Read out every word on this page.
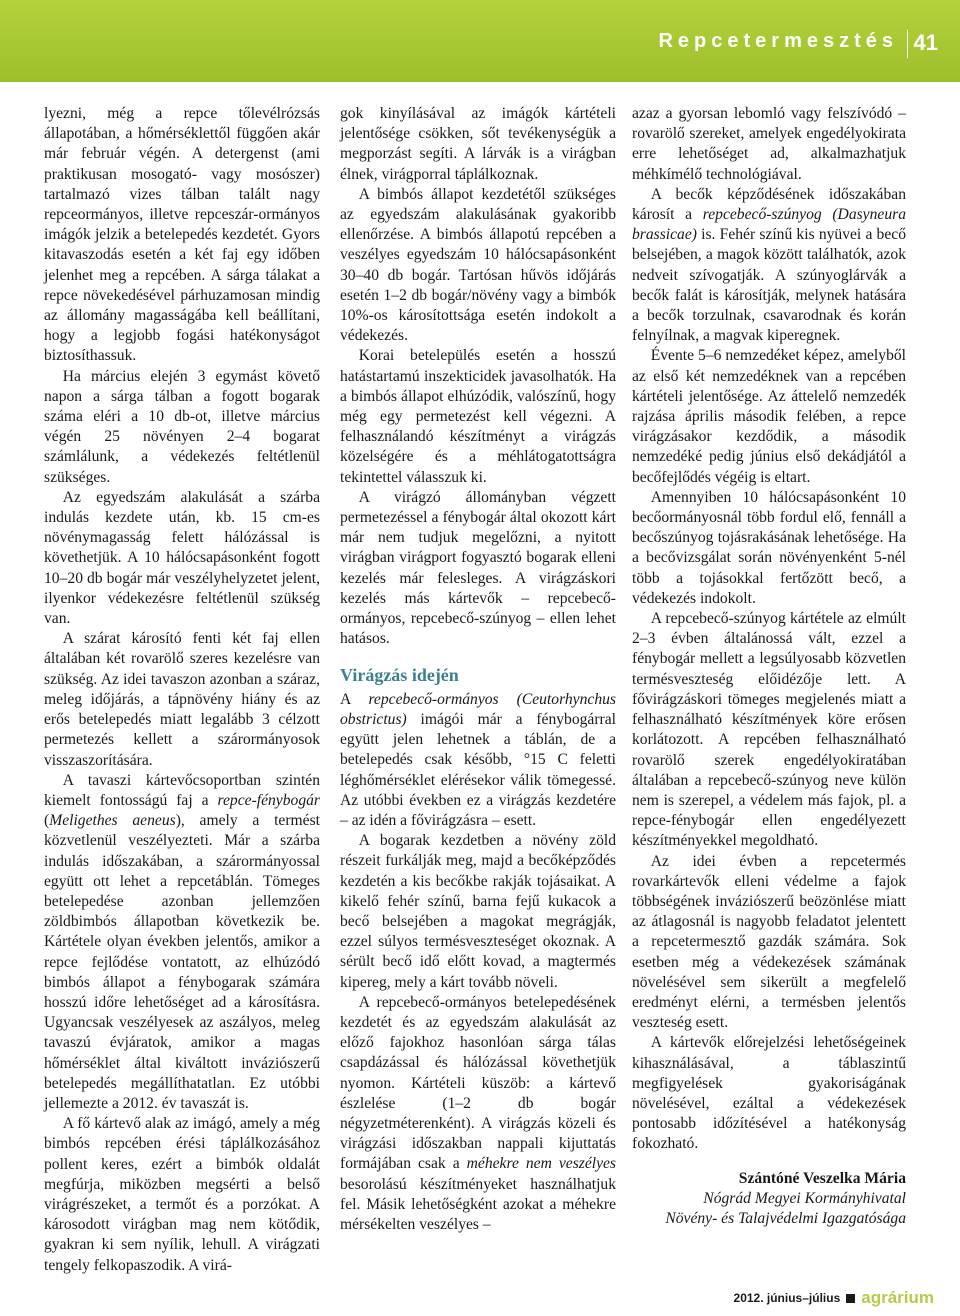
Repcetermesztés 41

lyezni, még a repce tőlevélrózsás állapotában, a hőmérséklettől függően akár már február végén. A detergenst (ami praktikusan mosogató- vagy mosószer) tartalmazó vizes tálban talált nagy repceormányos, illetve repceszár-ormányos imágók jelzik a betelepedés kezdetét. Gyors kitavaszodás esetén a két faj egy időben jelenhet meg a repcében. A sárga tálakat a repce növekedésével párhuzamosan mindig az állomány magasságába kell beállítani, hogy a legjobb fogási hatékonyságot biztosíthassuk.

Ha március elején 3 egymást követő napon a sárga tálban a fogott bogarak száma eléri a 10 db-ot, illetve március végén 25 növényen 2–4 bogarat számlálunk, a védekezés feltétlenül szükséges.

Az egyedszám alakulását a szárba indulás kezdete után, kb. 15 cm-es növénymagasság felett hálózással is követhetjük. A 10 hálócsapásonként fogott 10–20 db bogár már veszélyhelyzetet jelent, ilyenkor védekezésre feltétlenül szükség van.

A szárat károsító fenti két faj ellen általában két rovarölő szeres kezelésre van szükség. Az idei tavaszon azonban a száraz, meleg időjárás, a tápnövény hiány és az erős betelepedés miatt legalább 3 célzott permetezés kellett a szárormányosok visszaszorítására.

A tavaszi kártevőcsoportban szintén kiemelt fontosságú faj a repce-fénybogár (Meligethes aeneus), amely a termést közvetlenül veszélyezteti. Már a szárba indulás időszakában, a szárormányossal együtt ott lehet a repcetáblán. Tömeges betelepedése azonban jellemzően zöldbimbós állapotban következik be. Kártétele olyan években jelentős, amikor a repce fejlődése vontatott, az elhúzódó bimbós állapot a fénybogarak számára hosszú időre lehetőséget ad a károsításra. Ugyancsak veszélyesek az aszályos, meleg tavaszú évjáratok, amikor a magas hőmérséklet által kiváltott inváziószerű betelepedés megállíthatatlan. Ez utóbbi jellemezte a 2012. év tavaszát is.

A fő kártevő alak az imágó, amely a még bimbós repcében érési táplálkozásához pollent keres, ezért a bimbók oldalát megfúrja, miközben megsérti a belső virágrészeket, a termőt és a porzókat. A károsodott virágban mag nem kötődik, gyakran ki sem nyílik, lehull. A virágzati tengely felkopaszodik. A virá-

gok kinyílásával az imágók kártételi jelentősége csökken, sőt tevékenységük a megporzást segíti. A lárvák is a virágban élnek, virágporral táplálkoznak.

A bimbós állapot kezdetétől szükséges az egyedszám alakulásának gyakoribb ellenőrzése. A bimbós állapotú repcében a veszélyes egyedszám 10 hálócsapásonként 30–40 db bogár. Tartósan hűvös időjárás esetén 1–2 db bogár/növény vagy a bimbók 10%-os károsítottsága esetén indokolt a védekezés.

Korai betelepülés esetén a hosszú hatástartamú inszekticidek javasolhatók. Ha a bimbós állapot elhúzódik, valószínű, hogy még egy permetezést kell végezni. A felhasználandó készítményt a virágzás közelségére és a méhlátogatottságra tekintettel válasszuk ki.

A virágzó állományban végzett permetezéssel a fénybogár által okozott kárt már nem tudjuk megelőzni, a nyitott virágban virágport fogyasztó bogarak elleni kezelés már felesleges. A virágzáskori kezelés más kártevők – repcebecő-ormányos, repcebecő-szúnyog – ellen lehet hatásos.

Virágzás idején

A repcebecő-ormányos (Ceutorhynchus obstrictus) imágói már a fénybogárral együtt jelen lehetnek a táblán, de a betelepedés csak később, °15 C feletti léghőmérséklet elérésekor válik tömegessé. Az utóbbi években ez a virágzás kezdetére – az idén a fővirágzásra – esett.

A bogarak kezdetben a növény zöld részeit furkálják meg, majd a becőképződés kezdetén a kis becőkbe rakják tojásaikat. A kikelő fehér színű, barna fejű kukacok a becő belsejében a magokat megrágják, ezzel súlyos termésveszteséget okoznak. A sérült becő idő előtt kovad, a magtermés kipereg, mely a kárt tovább növeli.

A repcebecő-ormányos betelepedésének kezdetét és az egyedszám alakulását az előző fajokhoz hasonlóan sárga tálas csapdázással és hálózással követhetjük nyomon. Kártételi küszöb: a kártevő észlelése (1–2 db bogár négyzetméterenként). A virágzás közeli és virágzási időszakban nappali kijuttatás formájában csak a méhekre nem veszélyes besorolású készítményeket használhatjuk fel. Másik lehetőségként azokat a méhekre mérsékelten veszélyes –

azaz a gyorsan lebomló vagy felszívódó – rovarölő szereket, amelyek engedélyokirata erre lehetőséget ad, alkalmazhatjuk méhkímélő technológiával.

A becők képződésének időszakában károsít a repcebecő-szúnyog (Dasyneura brassicae) is. Fehér színű kis nyüvei a becő belsejében, a magok között találhatók, azok nedveit szívogatják. A szúnyoglárvák a becők falát is károsítják, melynek hatására a becők torzulnak, csavarodnak és korán felnyílnak, a magvak kiperegnek.

Évente 5–6 nemzedéket képez, amelyből az első két nemzedéknek van a repcében kártételi jelentősége. Az áttelelő nemzedék rajzása április második felében, a repce virágzásakor kezdődik, a második nemzedéké pedig június első dekádjától a becőfejlődés végéig is eltart.

Amennyiben 10 hálócsapásonként 10 becőormányosnál több fordul elő, fennáll a becőszúnyog tojásrakásának lehetősége. Ha a becővizsgálat során növényenként 5-nél több a tojásokkal fertőzött becő, a védekezés indokolt.

A repcebecő-szúnyog kártétele az elmúlt 2–3 évben általánossá vált, ezzel a fénybogár mellett a legsúlyosabb közvetlen termésveszteség előidézője lett. A fővirágzáskori tömeges megjelenés miatt a felhasználható készítmények köre erősen korlátozott. A repcében felhasználható rovarölő szerek engedélyokiratában általában a repcebecő-szúnyog neve külön nem is szerepel, a védelem más fajok, pl. a repce-fénybogár ellen engedélyezett készítményekkel megoldható.

Az idei évben a repcetermés rovarkártevők elleni védelme a fajok többségének inváziószerű beözönlése miatt az átlagosnál is nagyobb feladatot jelentett a repcetermesztő gazdák számára. Sok esetben még a védekezések számának növelésével sem sikerült a megfelelő eredményt elérni, a termésben jelentős veszteség esett.

A kártevők előrejelzési lehetőségeinek kihasználásával, a táblaszintű megfigyelések gyakoriságának növelésével, ezáltal a védekezések pontosabb időzítésével a hatékonyság fokozható.

Szántóné Veszelka Mária
Nógrád Megyei Kormányhivatal
Növény- és Talajvédelmi Igazgatósága
2012. június–július agrárium
